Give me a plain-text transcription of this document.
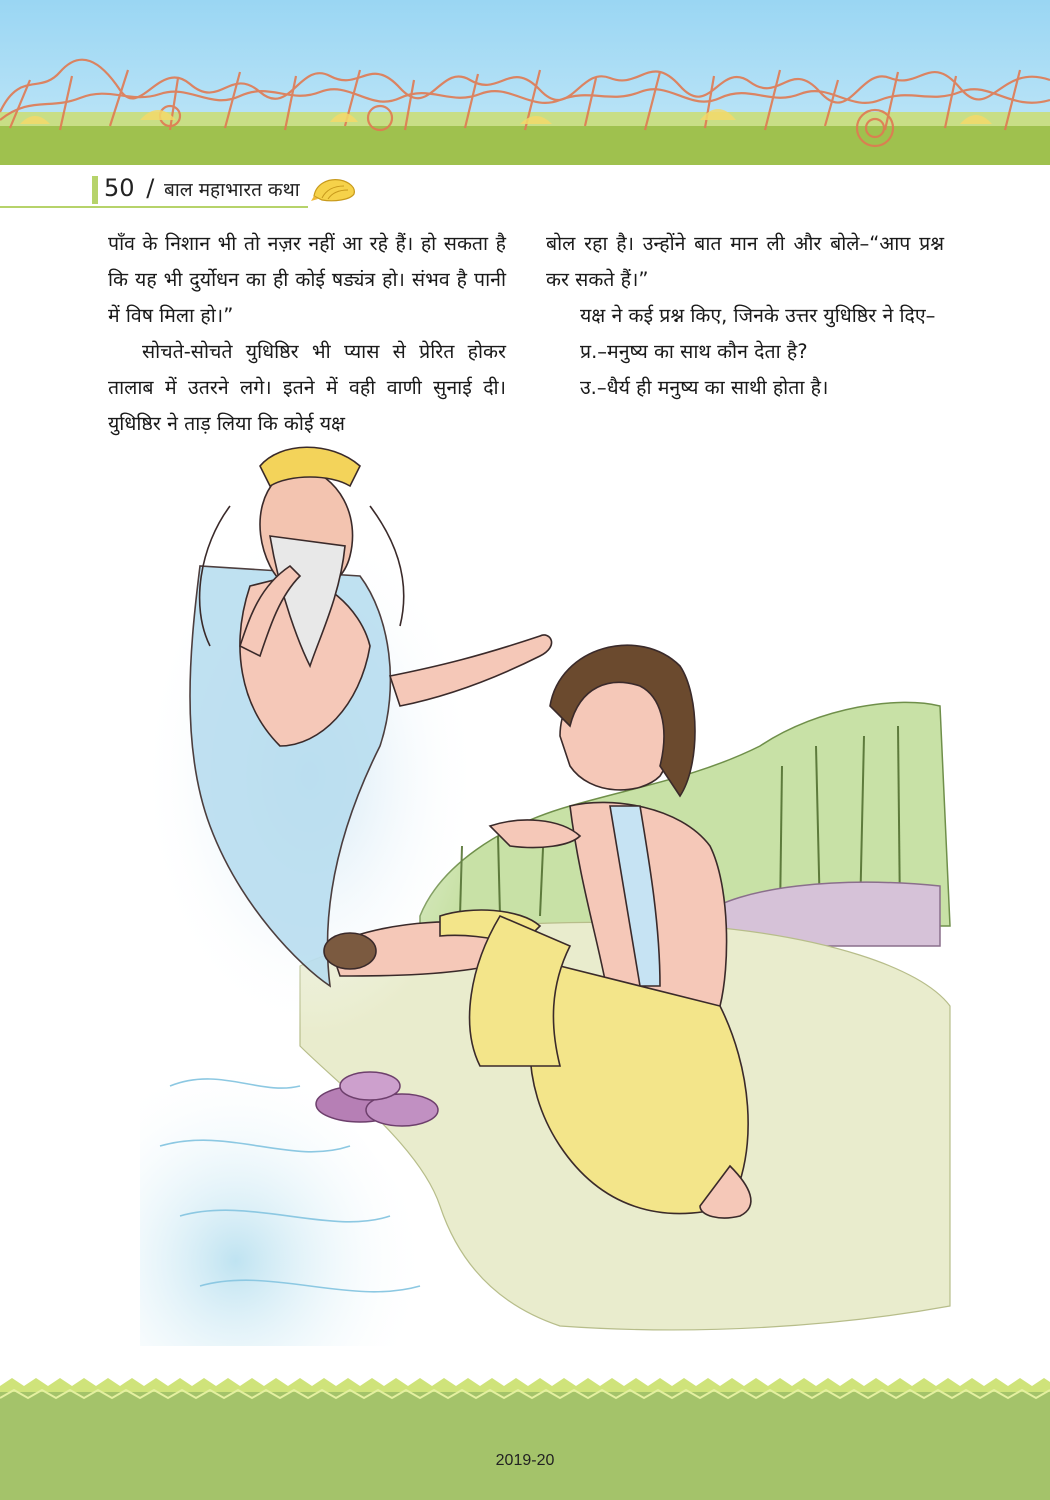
50 / बाल महाभारत कथा

पाँव के निशान भी तो नज़र नहीं आ रहे हैं। हो सकता है कि यह भी दुर्योधन का ही कोई षड्यंत्र हो। संभव है पानी में विष मिला हो।”

सोचते-सोचते युधिष्ठिर भी प्यास से प्रेरित होकर तालाब में उतरने लगे। इतने में वही वाणी सुनाई दी। युधिष्ठिर ने ताड़ लिया कि कोई यक्ष

बोल रहा है। उन्होंने बात मान ली और बोले–“आप प्रश्न कर सकते हैं।”

यक्ष ने कई प्रश्न किए, जिनके उत्तर युधिष्ठिर ने दिए–

प्र.–मनुष्य का साथ कौन देता है?

उ.–धैर्य ही मनुष्य का साथी होता है।

2019-20
